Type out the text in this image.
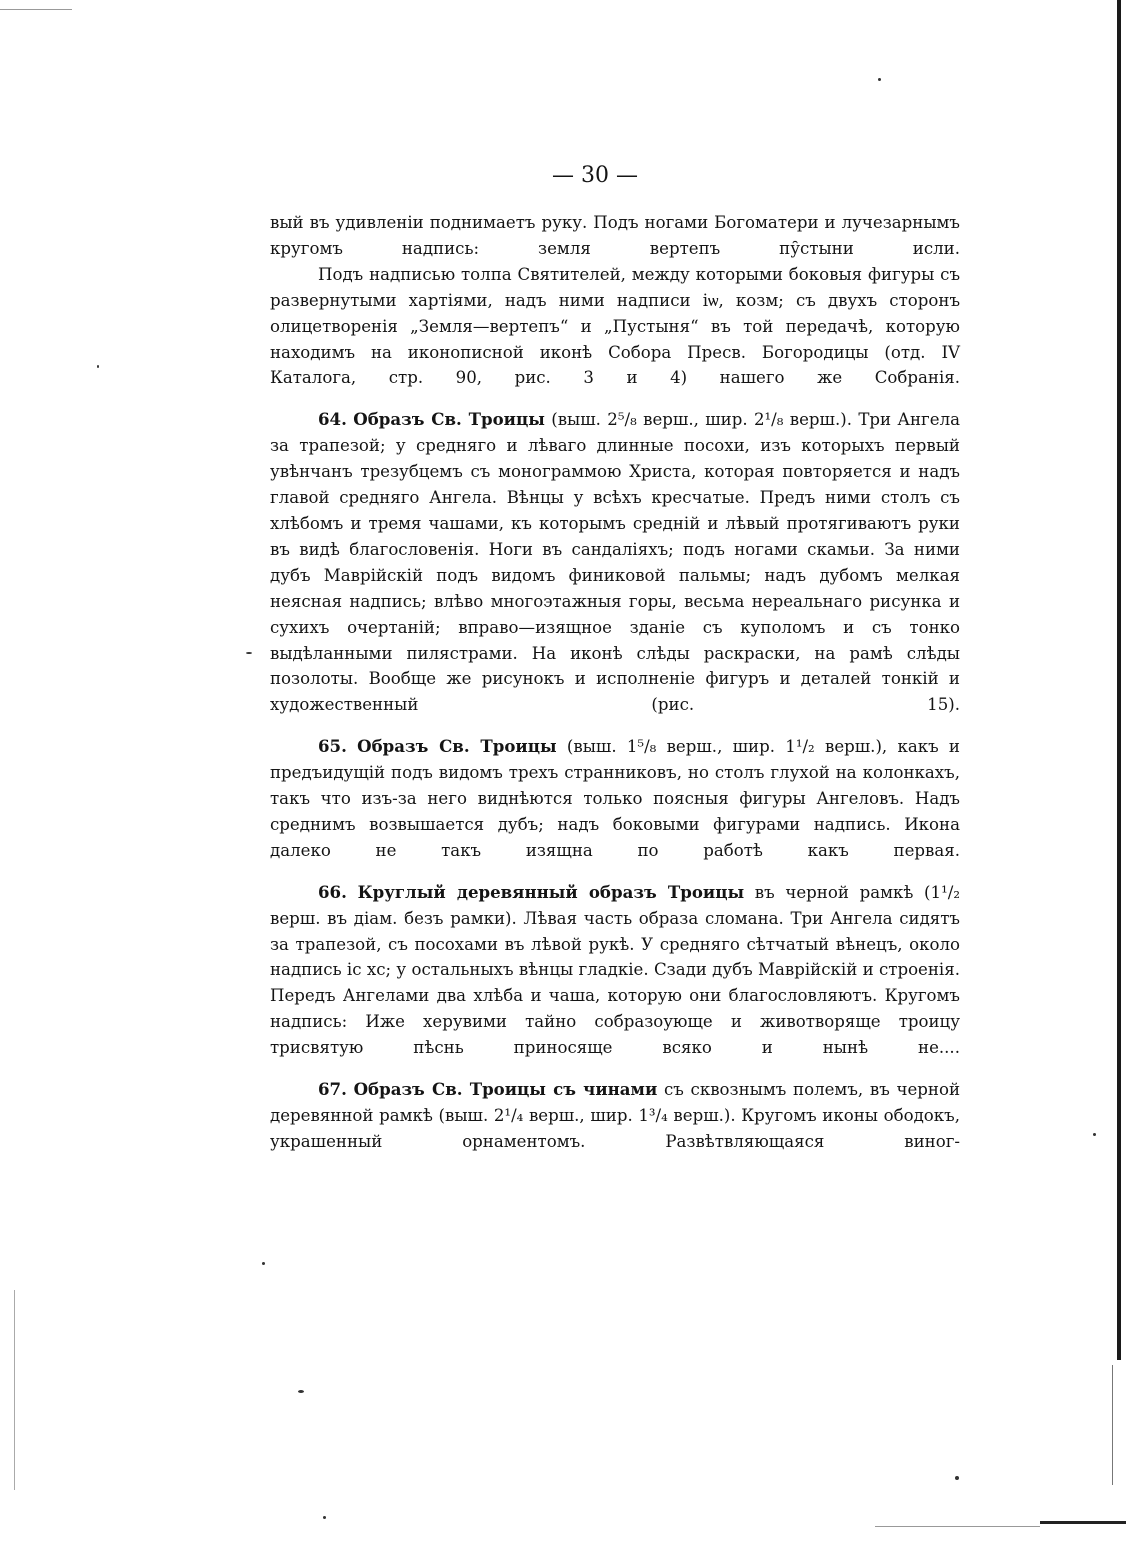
— 30 —

вый въ удивленіи поднимаетъ руку. Подъ ногами Богоматери и лучезарнымъ кругомъ надпись: земля вертепъ пу̑стыни исли.

Подъ надписью толпа Святителей, между которыми боковыя фигуры съ развернутыми хартіями, надъ ними надписи іѡ, козм; съ двухъ сторонъ олицетворенія „Земля—вертепъ“ и „Пустыня“ въ той передачѣ, которую находимъ на иконописной иконѣ Собора Пресв. Богородицы (отд. IV Каталога, стр. 90, рис. 3 и 4) нашего же Собранія.

64. Образъ Св. Троицы (выш. 2⁵/₈ верш., шир. 2¹/₈ верш.). Три Ангела за трапезой; у средняго и лѣваго длинные посохи, изъ которыхъ первый увѣнчанъ трезубцемъ съ монограммою Христа, которая повторяется и надъ главой средняго Ангела. Вѣнцы у всѣхъ кресчатые. Предъ ними столъ съ хлѣбомъ и тремя чашами, къ которымъ средній и лѣвый протягиваютъ руки въ видѣ благословенія. Ноги въ сандаліяхъ; подъ ногами скамьи. За ними дубъ Маврійскій подъ видомъ финиковой пальмы; надъ дубомъ мелкая неясная надпись; влѣво многоэтажныя горы, весьма нереальнаго рисунка и сухихъ очертаній; вправо—изящное зданіе съ куполомъ и съ тонко выдѣланными пилястрами. На иконѣ слѣды раскраски, на рамѣ слѣды позолоты. Вообще же рисунокъ и исполненіе фигуръ и деталей тонкій и художественный (рис. 15).

65. Образъ Св. Троицы (выш. 1⁵/₈ верш., шир. 1¹/₂ верш.), какъ и предъидущій подъ видомъ трехъ странниковъ, но столъ глухой на колонкахъ, такъ что изъ-за него виднѣются только поясныя фигуры Ангеловъ. Надъ среднимъ возвышается дубъ; надъ боковыми фигурами надпись. Икона далеко не такъ изящна по работѣ какъ первая.

66. Круглый деревянный образъ Троицы въ черной рамкѣ (1¹/₂ верш. въ діам. безъ рамки). Лѣвая часть образа сломана. Три Ангела сидятъ за трапезой, съ посохами въ лѣвой рукѣ. У средняго сѣтчатый вѣнецъ, около надпись іс хс; у остальныхъ вѣнцы гладкіе. Сзади дубъ Маврійскій и строенія. Передъ Ангелами два хлѣба и чаша, которую они благословляютъ. Кругомъ надпись: Иже херувими тайно собразоующе и животворяще троицу трисвятую пѣснь приносяще всяко и нынѣ не....

67. Образъ Св. Троицы съ чинами съ сквознымъ полемъ, въ черной деревянной рамкѣ (выш. 2¹/₄ верш., шир. 1³/₄ верш.). Кругомъ иконы ободокъ, украшенный орнаментомъ. Развѣтвляющаяся виног-
